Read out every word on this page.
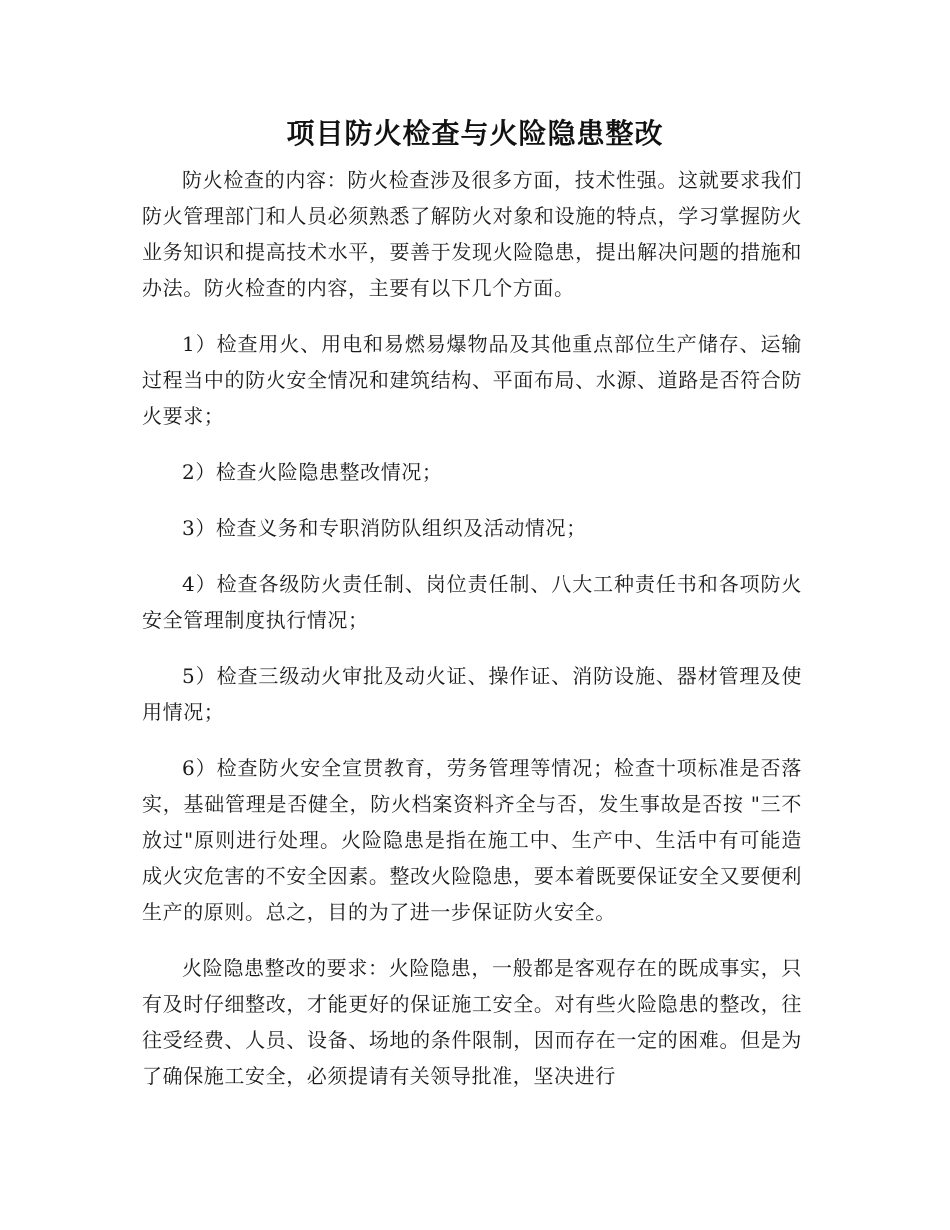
项目防火检查与火险隐患整改

防火检查的内容：防火检查涉及很多方面，技术性强。这就要求我们防火管理部门和人员必须熟悉了解防火对象和设施的特点，学习掌握防火业务知识和提高技术水平，要善于发现火险隐患，提出解决问题的措施和办法。防火检查的内容，主要有以下几个方面。

1）检查用火、用电和易燃易爆物品及其他重点部位生产储存、运输过程当中的防火安全情况和建筑结构、平面布局、水源、道路是否符合防火要求；

2）检查火险隐患整改情况；

3）检查义务和专职消防队组织及活动情况；

4）检查各级防火责任制、岗位责任制、八大工种责任书和各项防火安全管理制度执行情况；

5）检查三级动火审批及动火证、操作证、消防设施、器材管理及使用情况；

6）检查防火安全宣贯教育，劳务管理等情况；检查十项标准是否落实，基础管理是否健全，防火档案资料齐全与否，发生事故是否按 "三不放过"原则进行处理。火险隐患是指在施工中、生产中、生活中有可能造成火灾危害的不安全因素。整改火险隐患，要本着既要保证安全又要便利生产的原则。总之，目的为了进一步保证防火安全。

火险隐患整改的要求：火险隐患，一般都是客观存在的既成事实，只有及时仔细整改，才能更好的保证施工安全。对有些火险隐患的整改，往往受经费、人员、设备、场地的条件限制，因而存在一定的困难。但是为了确保施工安全，必须提请有关领导批准，坚决进行
